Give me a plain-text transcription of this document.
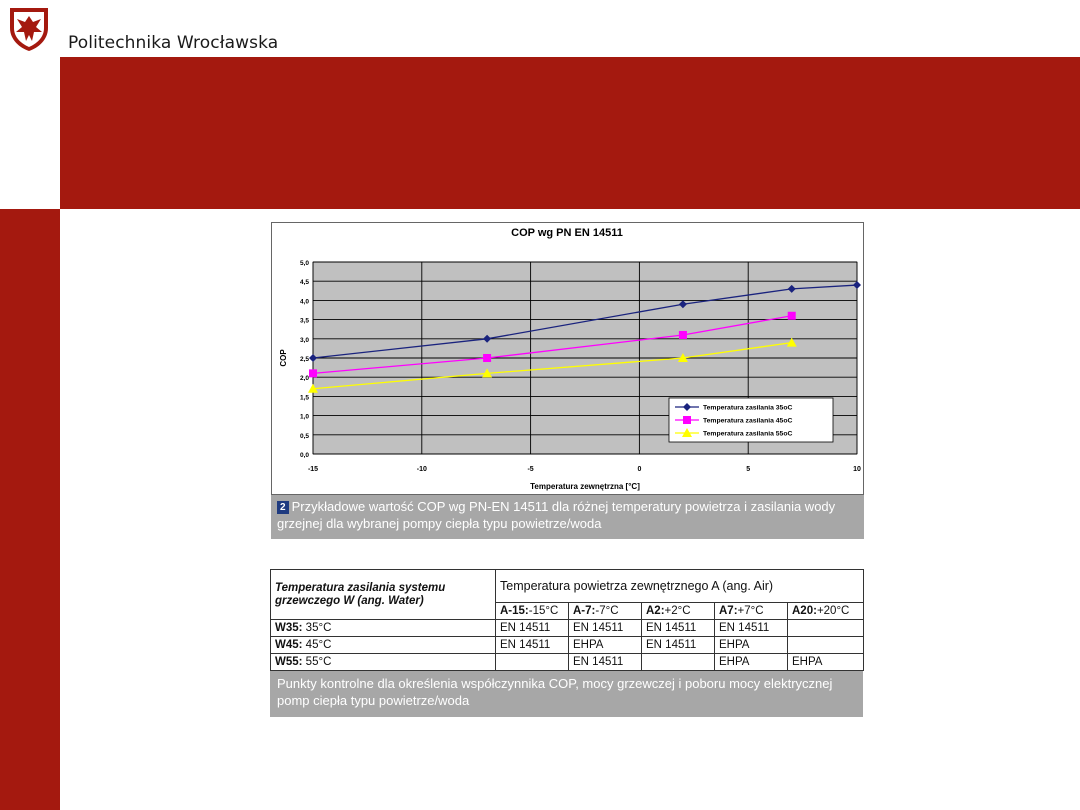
Politechnika Wrocławska
COP wg PN EN 14511
0,0
0,5
1,0
1,5
2,0
2,5
3,0
3,5
4,0
4,5
5,0
-15	-10	-5	0	5	10
COP
Temperatura zewnętrzna [°C]
Temperatura zasilania 35oC
Temperatura zasilania 45oC
Temperatura zasilania 55oC
2 Przykładowe wartość COP wg PN-EN 14511 dla różnej temperatury powietrza i zasilania wody grzejnej dla wybranej pompy ciepła typu powietrze/woda
Temperatura zasilania systemu grzewczego W (ang. Water)	Temperatura powietrza zewnętrznego A (ang. Air)				
	A-15:-15°C	A-7:-7°C	A2:+2°C	A7:+7°C	A20:+20°C
W35: 35°C	EN 14511	EN 14511	EN 14511	EN 14511	
W45: 45°C	EN 14511	EHPA	EN 14511	EHPA	
W55: 55°C		EN 14511		EHPA	EHPA
Punkty kontrolne dla określenia współczynnika COP, mocy grzewczej i poboru mocy elektrycznej pomp ciepła typu powietrze/woda
